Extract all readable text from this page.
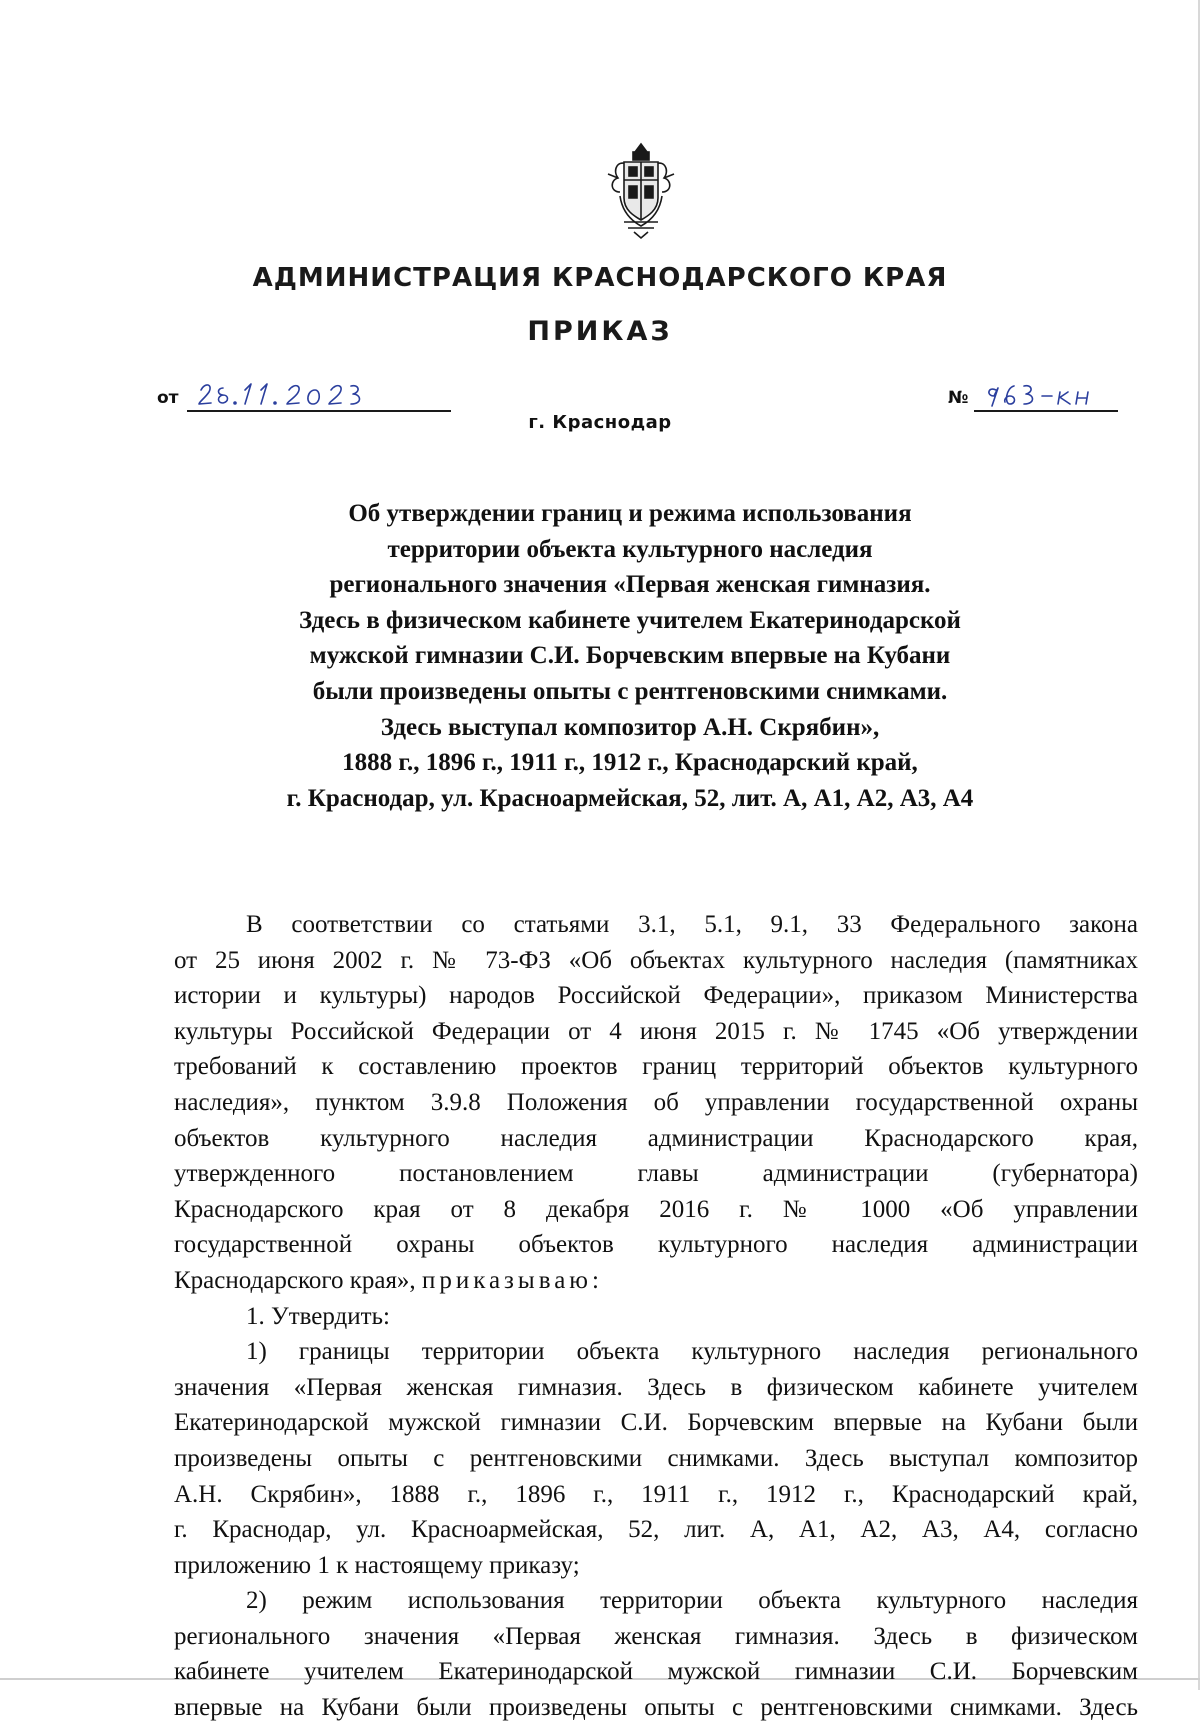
АДМИНИСТРАЦИЯ КРАСНОДАРСКОГО КРАЯ
ПРИКАЗ
от	№
г. Краснодар
Об утверждении границ и режима использования
территории объекта культурного наследия
регионального значения «Первая женская гимназия.
Здесь в физическом кабинете учителем Екатеринодарской
мужской гимназии С.И. Борчевским впервые на Кубани
были произведены опыты с рентгеновскими снимками.
Здесь выступал композитор А.Н. Скрябин»,
1888 г., 1896 г., 1911 г., 1912 г., Краснодарский край,
г. Краснодар, ул. Красноармейская, 52, лит. А, А1, А2, А3, А4
В соответствии со статьями 3.1, 5.1, 9.1, 33 Федерального закона
от 25 июня 2002 г. № 73-ФЗ «Об объектах культурного наследия (памятниках
истории и культуры) народов Российской Федерации», приказом Министерства
культуры Российской Федерации от 4 июня 2015 г. № 1745 «Об утверждении
требований к составлению проектов границ территорий объектов культурного
наследия», пунктом 3.9.8 Положения об управлении государственной охраны
объектов культурного наследия администрации Краснодарского края,
утвержденного постановлением главы администрации (губернатора)
Краснодарского края от 8 декабря 2016 г. № 1000 «Об управлении
государственной охраны объектов культурного наследия администрации
Краснодарского края», приказываю:
1. Утвердить:
1) границы территории объекта культурного наследия регионального
значения «Первая женская гимназия. Здесь в физическом кабинете учителем
Екатеринодарской мужской гимназии С.И. Борчевским впервые на Кубани были
произведены опыты с рентгеновскими снимками. Здесь выступал композитор
А.Н. Скрябин», 1888 г., 1896 г., 1911 г., 1912 г., Краснодарский край,
г. Краснодар, ул. Красноармейская, 52, лит. А, А1, А2, А3, А4, согласно
приложению 1 к настоящему приказу;
2) режим использования территории объекта культурного наследия
регионального значения «Первая женская гимназия. Здесь в физическом
кабинете учителем Екатеринодарской мужской гимназии С.И. Борчевским
впервые на Кубани были произведены опыты с рентгеновскими снимками. Здесь
